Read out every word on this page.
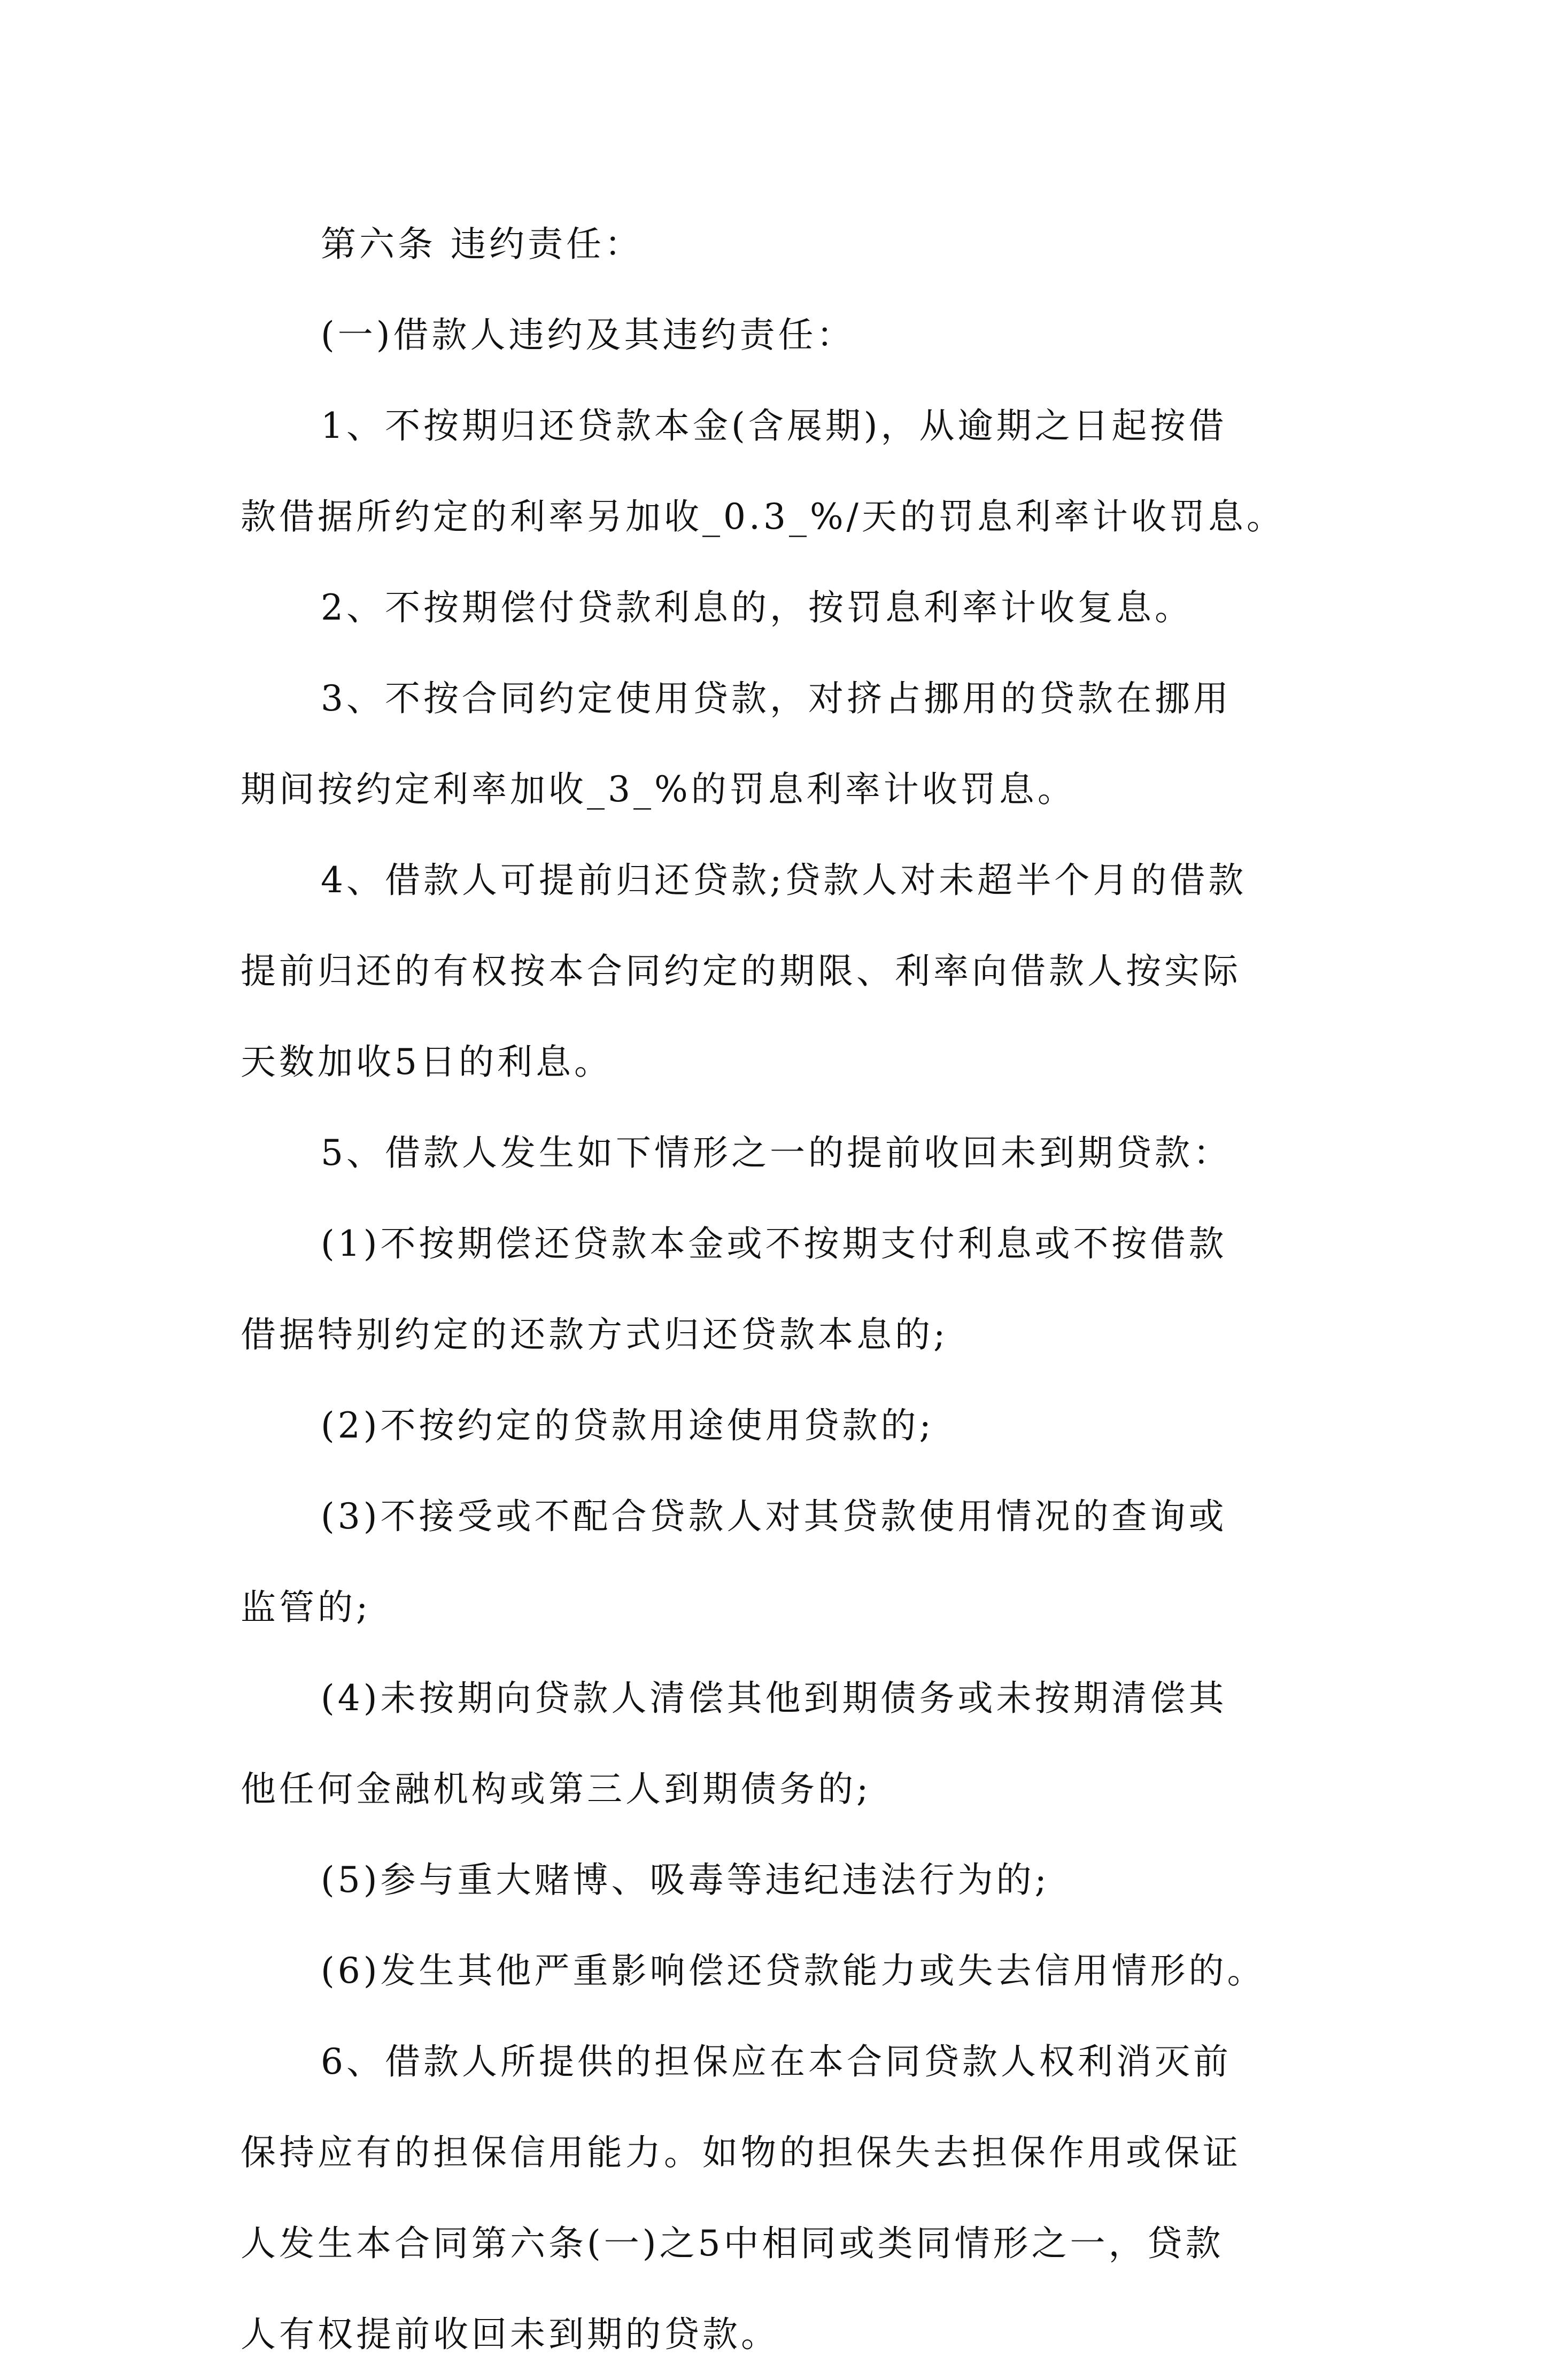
第六条 违约责任：
(一)借款人违约及其违约责任：
1、不按期归还贷款本金(含展期)，从逾期之日起按借
款借据所约定的利率另加收_0.3_%/天的罚息利率计收罚息。
2、不按期偿付贷款利息的，按罚息利率计收复息。
3、不按合同约定使用贷款，对挤占挪用的贷款在挪用
期间按约定利率加收_3_%的罚息利率计收罚息。
4、借款人可提前归还贷款;贷款人对未超半个月的借款
提前归还的有权按本合同约定的期限、利率向借款人按实际
天数加收5日的利息。
5、借款人发生如下情形之一的提前收回未到期贷款：
(1)不按期偿还贷款本金或不按期支付利息或不按借款
借据特别约定的还款方式归还贷款本息的;
(2)不按约定的贷款用途使用贷款的;
(3)不接受或不配合贷款人对其贷款使用情况的查询或
监管的;
(4)未按期向贷款人清偿其他到期债务或未按期清偿其
他任何金融机构或第三人到期债务的;
(5)参与重大赌博、吸毒等违纪违法行为的;
(6)发生其他严重影响偿还贷款能力或失去信用情形的。
6、借款人所提供的担保应在本合同贷款人权利消灭前
保持应有的担保信用能力。如物的担保失去担保作用或保证
人发生本合同第六条(一)之5中相同或类同情形之一，贷款
人有权提前收回未到期的贷款。
